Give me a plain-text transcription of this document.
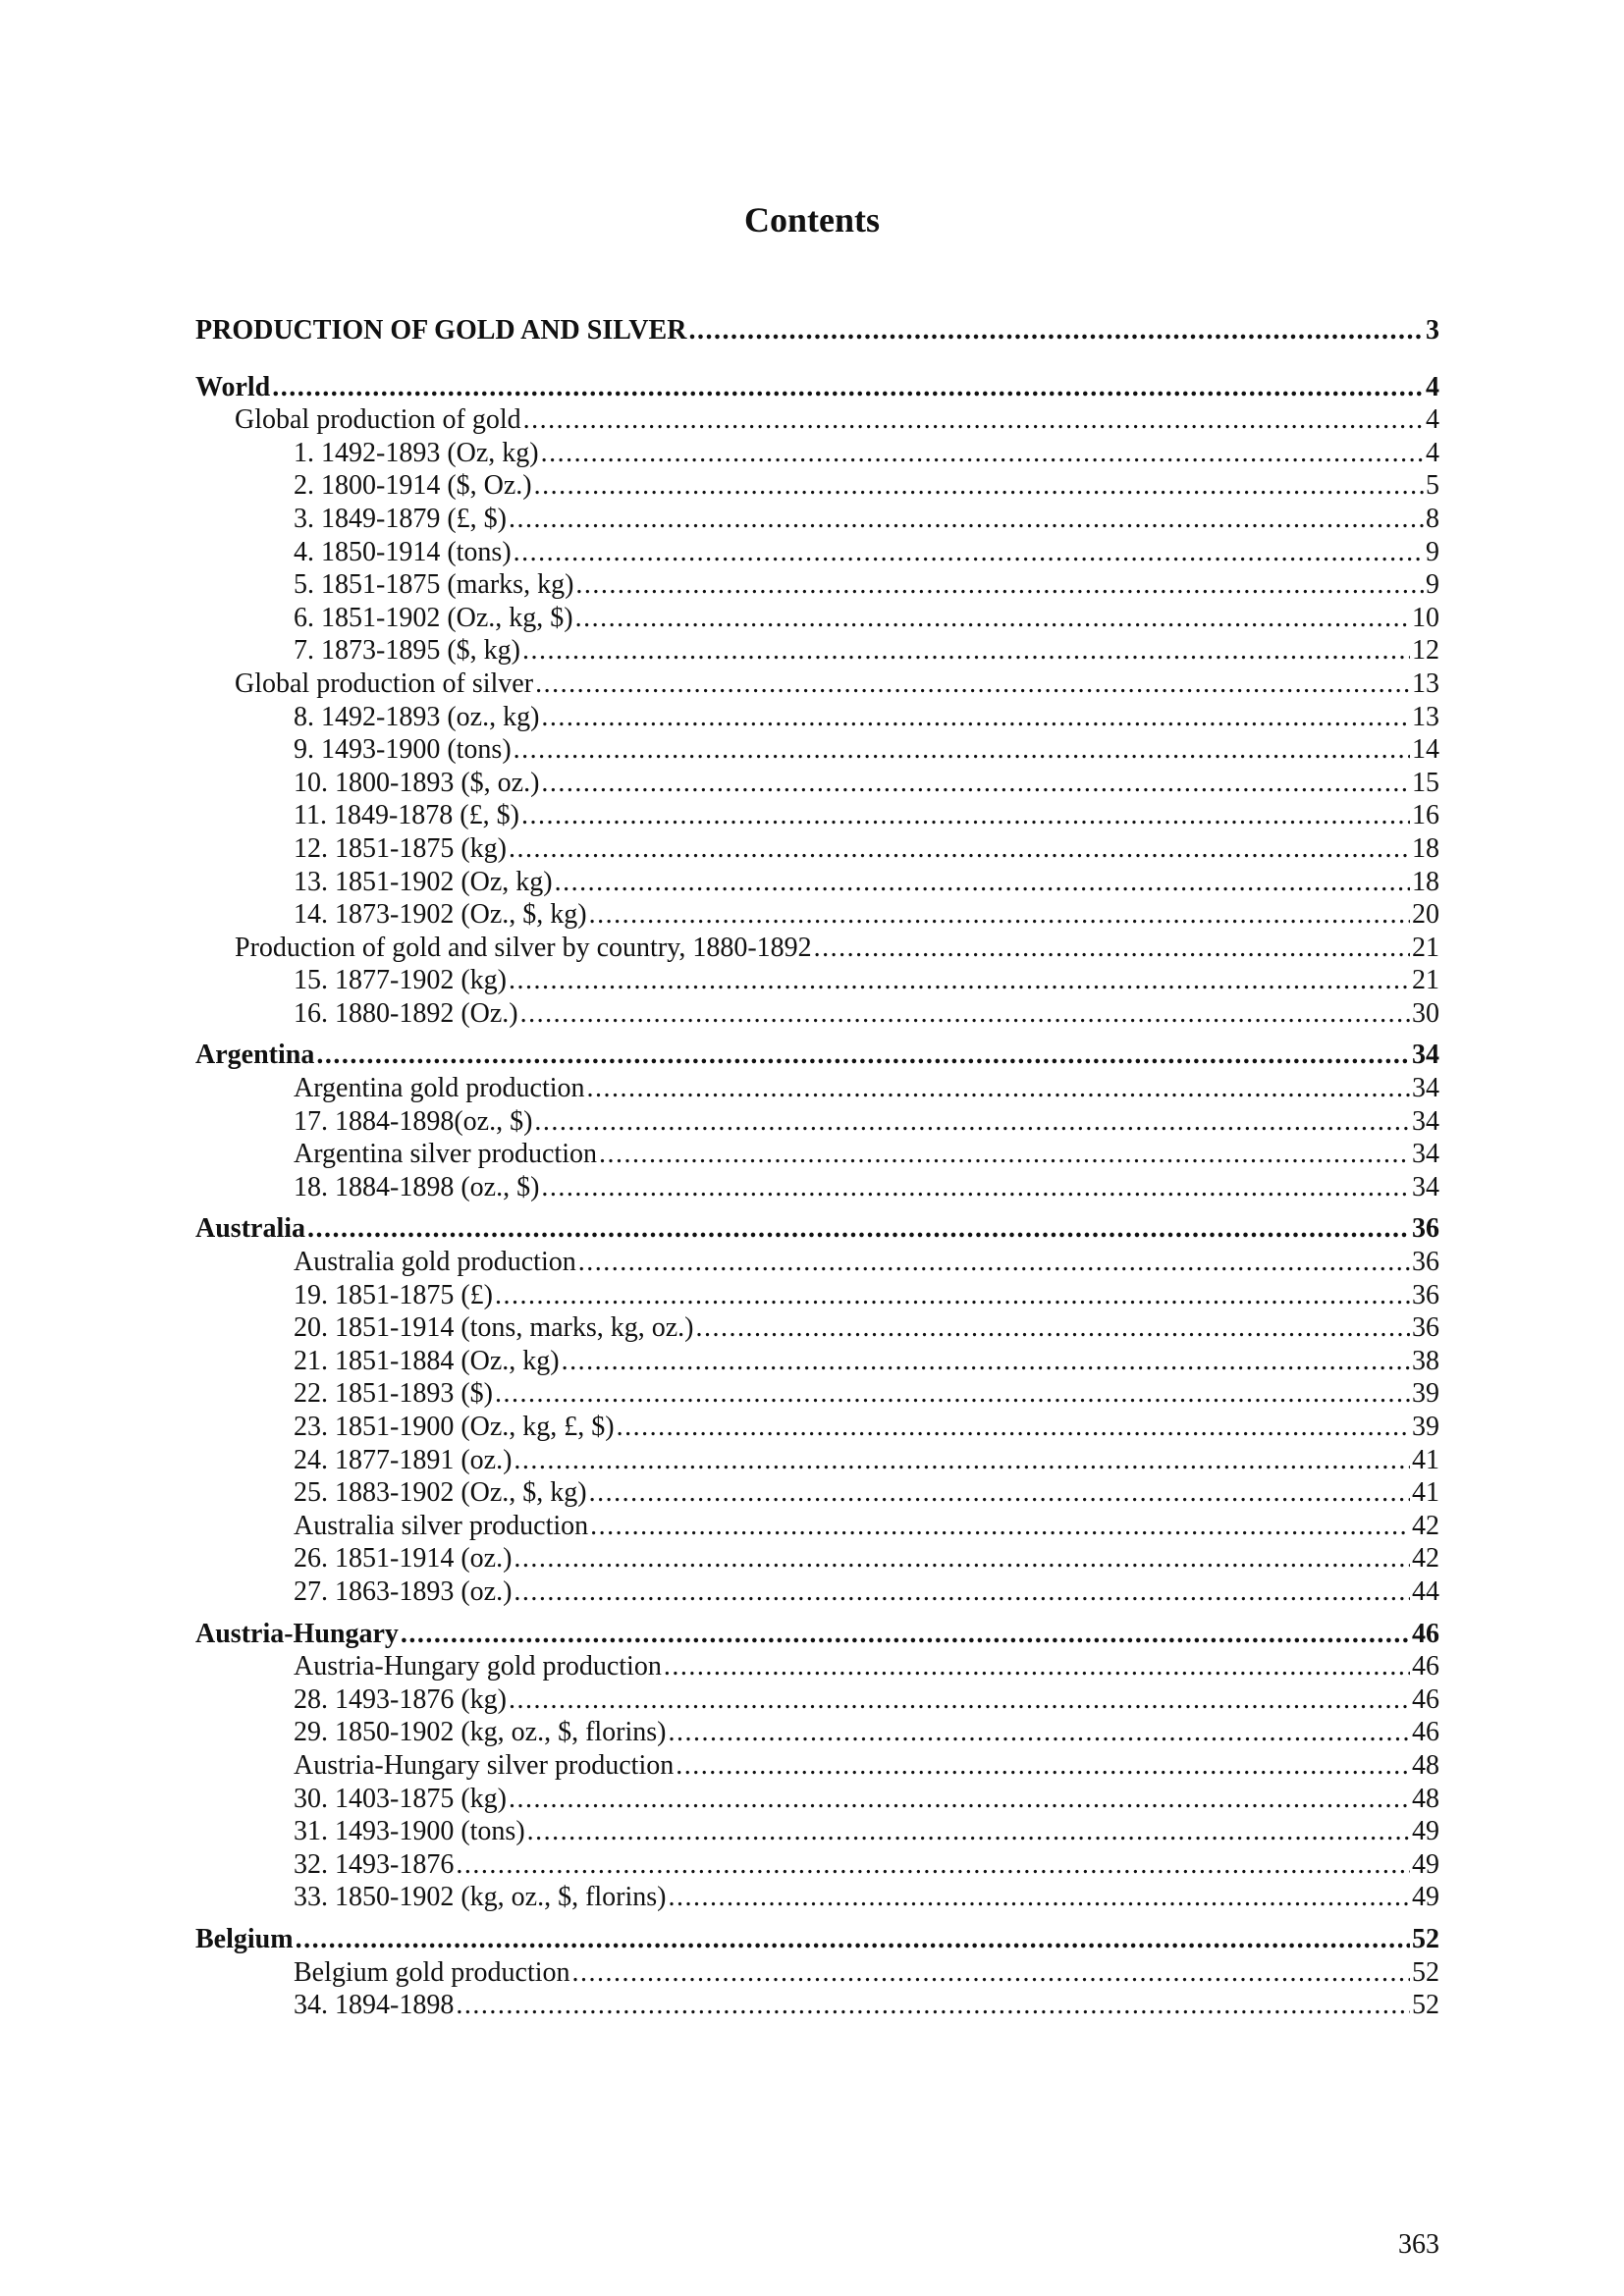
Contents
PRODUCTION OF GOLD AND SILVER .....	3
World .....	4
Global production of gold .....	4
1. 1492-1893 (Oz, kg) .....	4
2. 1800-1914 ($, Oz.) .....	5
3. 1849-1879 (£, $) .....	8
4. 1850-1914 (tons) .....	9
5. 1851-1875 (marks, kg) .....	9
6. 1851-1902 (Oz., kg, $) .....	10
7. 1873-1895 ($, kg) .....	12
Global production of silver .....	13
8. 1492-1893 (oz., kg) .....	13
9. 1493-1900 (tons) .....	14
10. 1800-1893 ($, oz.) .....	15
11. 1849-1878 (£, $) .....	16
12. 1851-1875 (kg) .....	18
13. 1851-1902 (Oz, kg) .....	18
14. 1873-1902 (Oz., $, kg) .....	20
Production of gold and silver by country, 1880-1892 .....	21
15. 1877-1902 (kg) .....	21
16. 1880-1892 (Oz.) .....	30
Argentina .....	34
Argentina gold production .....	34
17. 1884-1898(oz., $) .....	34
Argentina silver production .....	34
18. 1884-1898 (oz., $) .....	34
Australia .....	36
Australia gold production .....	36
19. 1851-1875 (£) .....	36
20. 1851-1914 (tons, marks, kg, oz.) .....	36
21. 1851-1884 (Oz., kg) .....	38
22. 1851-1893 ($) .....	39
23. 1851-1900 (Oz., kg, £, $) .....	39
24. 1877-1891 (oz.) .....	41
25. 1883-1902 (Oz., $, kg) .....	41
Australia silver production .....	42
26. 1851-1914 (oz.) .....	42
27. 1863-1893 (oz.) .....	44
Austria-Hungary .....	46
Austria-Hungary gold production .....	46
28. 1493-1876 (kg) .....	46
29. 1850-1902 (kg, oz., $, florins) .....	46
Austria-Hungary silver production .....	48
30. 1403-1875 (kg) .....	48
31. 1493-1900 (tons) .....	49
32. 1493-1876 .....	49
33. 1850-1902 (kg, oz., $, florins) .....	49
Belgium .....	52
Belgium gold production .....	52
34. 1894-1898 .....	52
363
